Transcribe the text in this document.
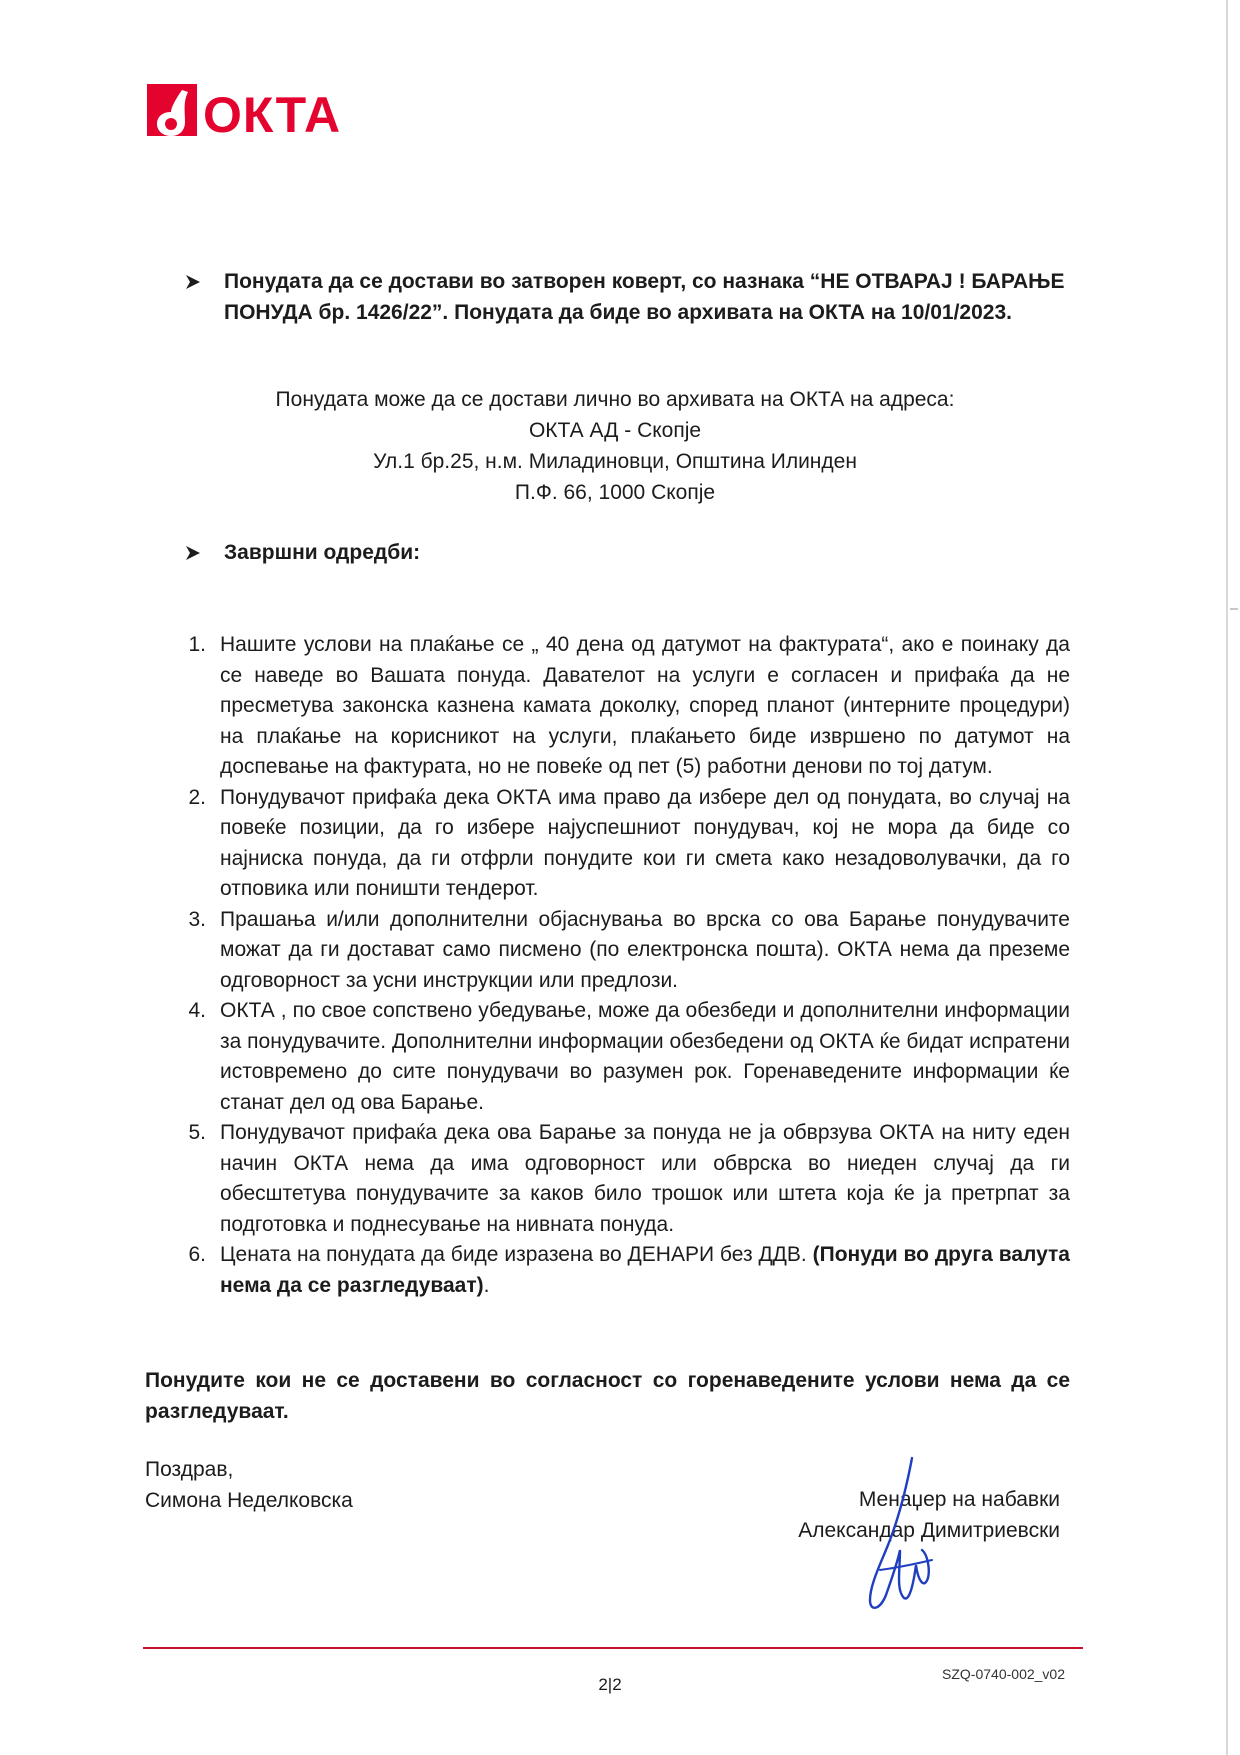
ОКТА
Понудата да се достави во затворен коверт, со назнака “НЕ ОТВАРАЈ ! БАРАЊЕ
ПОНУДА бр. 1426/22”. Понудата да биде во архивата на ОКТА на 10/01/2023.
Понудата може да се достави лично во архивата на ОКТА на адреса:
ОКТА АД - Скопје
Ул.1 бр.25, н.м. Миладиновци, Општина Илинден
П.Ф. 66, 1000 Скопје
Завршни одредби:
1. Нашите услови на плаќање се „ 40 дена од датумот на фактурата“, ако е поинаку да се наведе во Вашата понуда. Давателот на услуги е согласен и прифаќа да не пресметува законска казнена камата доколку, според планот (интерните процедури) на плаќање на корисникот на услуги, плаќањето биде извршено по датумот на доспевање на фактурата, но не повеќе од пет (5) работни денови по тој датум.
2. Понудувачот прифаќа дека ОКТА има право да избере дел од понудата, во случај на повеќе позиции, да го избере најуспешниот понудувач, кој не мора да биде со најниска понуда, да ги отфрли понудите кои ги смета како незадоволувачки, да го отповика или поништи тендерот.
3. Прашања и/или дополнителни објаснувања во врска со ова Барање понудувачите можат да ги достават само писмено (по електронска пошта). ОКТА нема да преземе одговорност за усни инструкции или предлози.
4. ОКТА , по свое сопствено убедување, може да обезбеди и дополнителни информации за понудувачите. Дополнителни информации обезбедени од ОКТА ќе бидат испратени истовремено до сите понудувачи во разумен рок. Горенаведените информации ќе станат дел од ова Барање.
5. Понудувачот прифаќа дека ова Барање за понуда не ја обврзува ОКТА на ниту еден начин ОКТА нема да има одговорност или обврска во ниеден случај да ги обесштетува понудувачите за каков било трошок или штета која ќе ја претрпат за подготовка и поднесување на нивната понуда.
6. Цената на понудата да биде изразена во ДЕНАРИ без ДДВ. (Понуди во друга валута нема да се разгледуваат).
Понудите кои не се доставени во согласност со горенаведените услови нема да се разгледуваат.
Поздрав,
Симона Неделковска	Менаџер на набавки
Александар Димитриевски
SZQ-0740-002_v02
2|2
